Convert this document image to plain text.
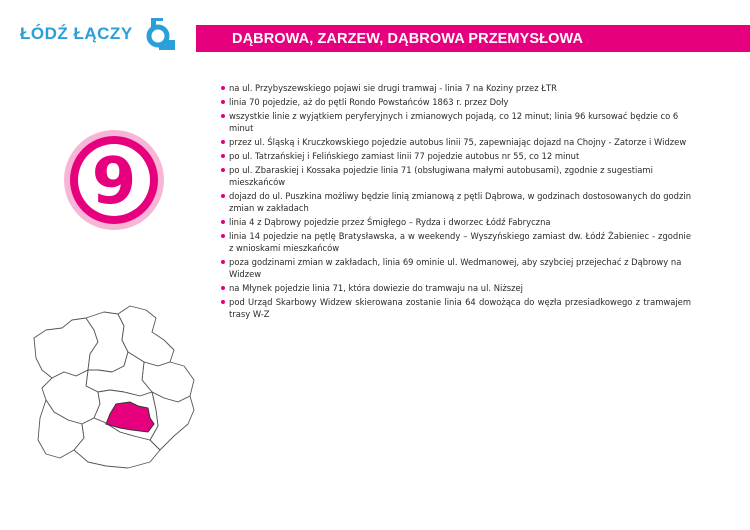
ŁÓDŹ ŁĄCZY	DĄBROWA, ZARZEW, DĄBROWA PRZEMYSŁOWA
9
na ul. Przybyszewskiego pojawi sie drugi tramwaj - linia 7 na Koziny przez ŁTR
linia 70 pojedzie, aż do pętli Rondo Powstańców 1863 r. przez Doły
wszystkie linie z wyjątkiem peryferyjnych i zmianowych pojadą, co 12 minut; linia 96 kursować będzie co 6 minut
przez ul. Śląską i Kruczkowskiego pojedzie autobus linii 75, zapewniając dojazd na Chojny - Zatorze i Widzew
po ul. Tatrzańskiej i Felińskiego zamiast linii 77 pojedzie autobus nr 55, co 12 minut
po ul. Zbaraskiej i Kossaka pojedzie linia 71 (obsługiwana małymi autobusami), zgodnie z sugestiami mieszkańców
dojazd do ul. Puszkina możliwy będzie linią zmianową z pętli Dąbrowa, w godzinach dostosowanych do godzin zmian w zakładach
linia 4 z Dąbrowy pojedzie przez Śmigłego – Rydza i dworzec Łódź Fabryczna
linia 14 pojedzie na pętlę Bratysławska, a w weekendy – Wyszyńskiego zamiast dw. Łódź Żabieniec - zgodnie z wnioskami mieszkańców
poza godzinami zmian w zakładach, linia 69 ominie ul. Wedmanowej, aby szybciej przejechać z Dąbrowy na Widzew
na Młynek pojedzie linia 71, która dowiezie do tramwaju na ul. Niższej
pod Urząd Skarbowy Widzew skierowana zostanie linia 64 dowożąca do węzła przesiadkowego z tramwajem trasy W-Z
